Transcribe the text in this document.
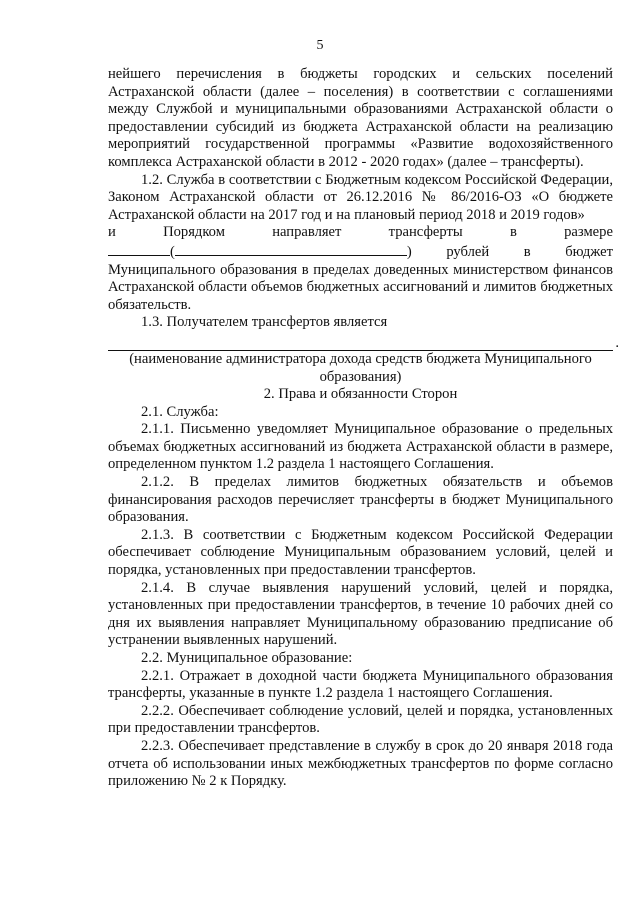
5

нейшего перечисления в бюджеты городских и сельских поселений Астраханской области (далее – поселения) в соответствии с соглашениями между Службой и муниципальными образованиями Астраханской области о предоставлении субсидий из бюджета Астраханской области на реализацию мероприятий государственной программы «Развитие водохозяйственного комплекса Астраханской области в 2012 - 2020 годах» (далее – трансферты).

1.2. Служба в соответствии с Бюджетным кодексом Российской Федерации, Законом Астраханской области от 26.12.2016 № 86/2016-ОЗ «О бюджете Астраханской области на 2017 год и на плановый период 2018 и 2019 годов»

и	Порядком	направляет	трансферты	в	размере

(	) рублей в бюджет Муниципального образования в пределах доведенных министерством финансов Астраханской области объемов бюджетных ассигнований и лимитов бюджетных обязательств.

1.3. Получателем трансфертов является

.

(наименование администратора дохода средств бюджета Муниципального образования)

2. Права и обязанности Сторон

2.1. Служба:

2.1.1. Письменно уведомляет Муниципальное образование о предельных объемах бюджетных ассигнований из бюджета Астраханской области в размере, определенном пунктом 1.2 раздела 1 настоящего Соглашения.

2.1.2. В пределах лимитов бюджетных обязательств и объемов финансирования расходов перечисляет трансферты в бюджет Муниципального образования.

2.1.3. В соответствии с Бюджетным кодексом Российской Федерации обеспечивает соблюдение Муниципальным образованием условий, целей и порядка, установленных при предоставлении трансфертов.

2.1.4. В случае выявления нарушений условий, целей и порядка, установленных при предоставлении трансфертов, в течение 10 рабочих дней со дня их выявления направляет Муниципальному образованию предписание об устранении выявленных нарушений.

2.2. Муниципальное образование:

2.2.1. Отражает в доходной части бюджета Муниципального образования трансферты, указанные в пункте 1.2 раздела 1 настоящего Соглашения.

2.2.2. Обеспечивает соблюдение условий, целей и порядка, установленных при предоставлении трансфертов.

2.2.3. Обеспечивает представление в службу в срок до 20 января 2018 года отчета об использовании иных межбюджетных трансфертов по форме согласно приложению № 2 к Порядку.
